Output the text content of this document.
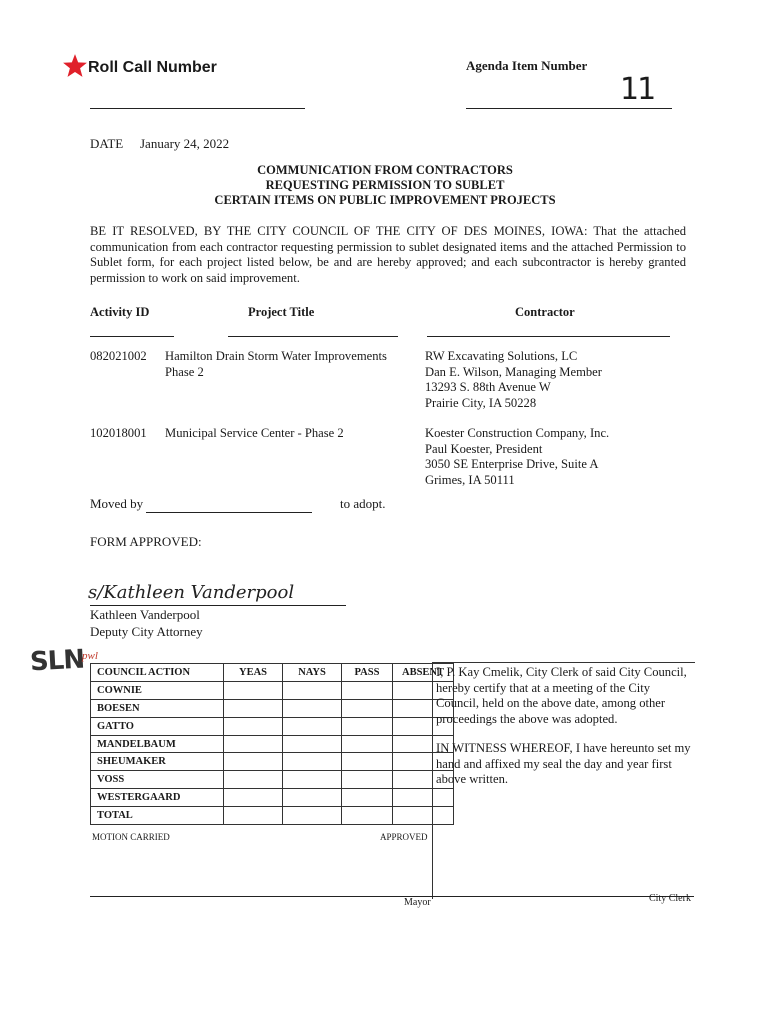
Roll Call Number	Agenda Item Number
11
DATE January 24, 2022
COMMUNICATION FROM CONTRACTORS
REQUESTING PERMISSION TO SUBLET
CERTAIN ITEMS ON PUBLIC IMPROVEMENT PROJECTS
BE IT RESOLVED, BY THE CITY COUNCIL OF THE CITY OF DES MOINES, IOWA: That the attached communication from each contractor requesting permission to sublet designated items and the attached Permission to Sublet form, for each project listed below, be and are hereby approved; and each subcontractor is hereby granted permission to work on said improvement.
Activity ID	Project Title	Contractor
082021002 Hamilton Drain Storm Water Improvements Phase 2
RW Excavating Solutions, LC
Dan E. Wilson, Managing Member
13293 S. 88th Avenue W
Prairie City, IA 50228
102018001 Municipal Service Center - Phase 2	Koester Construction Company, Inc.
Paul Koester, President
3050 SE Enterprise Drive, Suite A
Grimes, IA 50111
Moved by	to adopt.
FORM APPROVED:
s/Kathleen Vanderpool
Kathleen Vanderpool
Deputy City Attorney
SLN
pwl
COUNCIL ACTION	YEAS	NAYS	PASS	ABSENT
COWNIE				
BOESEN				
GATTO				
MANDELBAUM				
SHEUMAKER				
VOSS				
WESTERGAARD				
TOTAL				
MOTION CARRIED	APPROVED
I, P. Kay Cmelik, City Clerk of said City Council, hereby certify that at a meeting of the City Council, held on the above date, among other proceedings the above was adopted.
IN WITNESS WHEREOF, I have hereunto set my hand and affixed my seal the day and year first above written.
Mayor	City Clerk
